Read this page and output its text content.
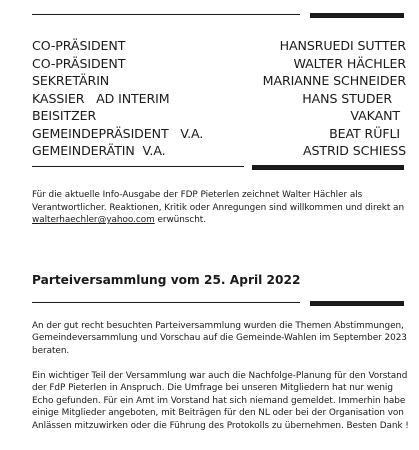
CO-PRÄSIDENT	HANSRUEDI SUTTER
CO-PRÄSIDENT	WALTER HÄCHLER
SEKRETÄRIN	MARIANNE SCHNEIDER
KASSIER   AD INTERIM	HANS STUDER
BEISITZER	VAKANT
GEMEINDEPRÄSIDENT   V.A.	BEAT RÜFLI
GEMEINDERÄTIN  V.A.	ASTRID SCHIESS

Für die aktuelle Info-Ausgabe der FDP Pieterlen zeichnet Walter Hächler als Verantwortlicher. Reaktionen, Kritik oder Anregungen sind willkommen und direkt an walterhaechler@yahoo.com erwünscht.

Parteiversammlung vom 25. April 2022

An der gut recht besuchten Parteiversammlung wurden die Themen Abstimmungen, Gemeindeversammlung und Vorschau auf die Gemeinde-Wahlen im September 2023 beraten.

Ein wichtiger Teil der Versammlung war auch die Nachfolge-Planung für den Vorstand der FdP Pieterlen in Anspruch. Die Umfrage bei unseren Mitgliedern hat nur wenig Echo gefunden. Für ein Amt im Vorstand hat sich niemand gemeldet. Immerhin habe einige Mitglieder angeboten, mit Beiträgen für den NL oder bei der Organisation von Anlässen mitzuwirken oder die Führung des Protokolls zu übernehmen. Besten Dank !
